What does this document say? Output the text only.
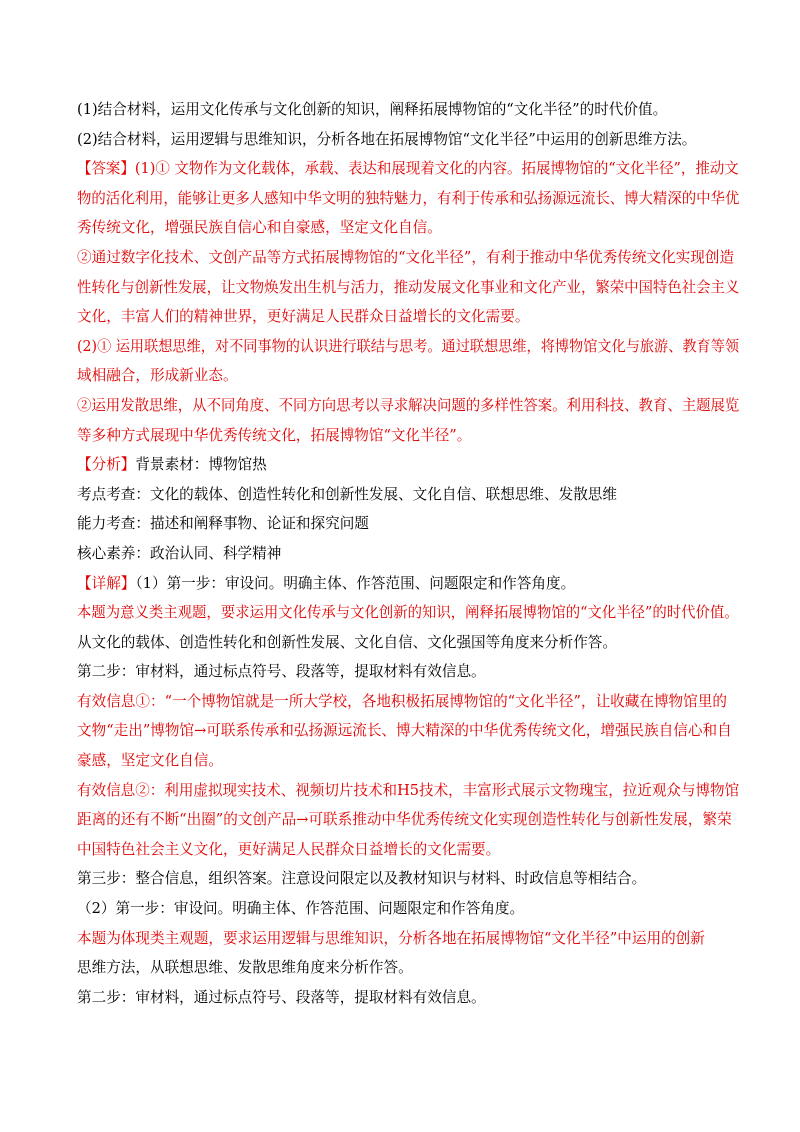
(1)结合材料，运用文化传承与文化创新的知识，阐释拓展博物馆的“文化半径”的时代价值。
(2)结合材料，运用逻辑与思维知识，分析各地在拓展博物馆“文化半径”中运用的创新思维方法。
【答案】(1)① 文物作为文化载体，承载、表达和展现着文化的内容。拓展博物馆的“文化半径”，推动文
物的活化利用，能够让更多人感知中华文明的独特魅力，有利于传承和弘扬源远流长、博大精深的中华优
秀传统文化，增强民族自信心和自豪感，坚定文化自信。
②通过数字化技术、文创产品等方式拓展博物馆的“文化半径”，有利于推动中华优秀传统文化实现创造
性转化与创新性发展，让文物焕发出生机与活力，推动发展文化事业和文化产业，繁荣中国特色社会主义
文化，丰富人们的精神世界，更好满足人民群众日益增长的文化需要。
(2)① 运用联想思维，对不同事物的认识进行联结与思考。通过联想思维，将博物馆文化与旅游、教育等领
域相融合，形成新业态。
②运用发散思维，从不同角度、不同方向思考以寻求解决问题的多样性答案。利用科技、教育、主题展览
等多种方式展现中华优秀传统文化，拓展博物馆“文化半径”。
【分析】背景素材：博物馆热
考点考查：文化的载体、创造性转化和创新性发展、文化自信、联想思维、发散思维
能力考查：描述和阐释事物、论证和探究问题
核心素养：政治认同、科学精神
【详解】（1）第一步：审设问。明确主体、作答范围、问题限定和作答角度。
本题为意义类主观题，要求运用文化传承与文化创新的知识，阐释拓展博物馆的“文化半径”的时代价值。
从文化的载体、创造性转化和创新性发展、文化自信、文化强国等角度来分析作答。
第二步：审材料，通过标点符号、段落等，提取材料有效信息。
有效信息①：“一个博物馆就是一所大学校，各地积极拓展博物馆的“文化半径”，让收藏在博物馆里的
文物“走出”博物馆→可联系传承和弘扬源远流长、博大精深的中华优秀传统文化，增强民族自信心和自
豪感，坚定文化自信。
有效信息②：利用虚拟现实技术、视频切片技术和H5技术，丰富形式展示文物瑰宝，拉近观众与博物馆
距离的还有不断“出圈”的文创产品→可联系推动中华优秀传统文化实现创造性转化与创新性发展，繁荣
中国特色社会主义文化，更好满足人民群众日益增长的文化需要。
第三步：整合信息，组织答案。注意设问限定以及教材知识与材料、时政信息等相结合。
（2）第一步：审设问。明确主体、作答范围、问题限定和作答角度。
本题为体现类主观题，要求运用逻辑与思维知识，分析各地在拓展博物馆“文化半径”中运用的创新
思维方法，从联想思维、发散思维角度来分析作答。
第二步：审材料，通过标点符号、段落等，提取材料有效信息。
